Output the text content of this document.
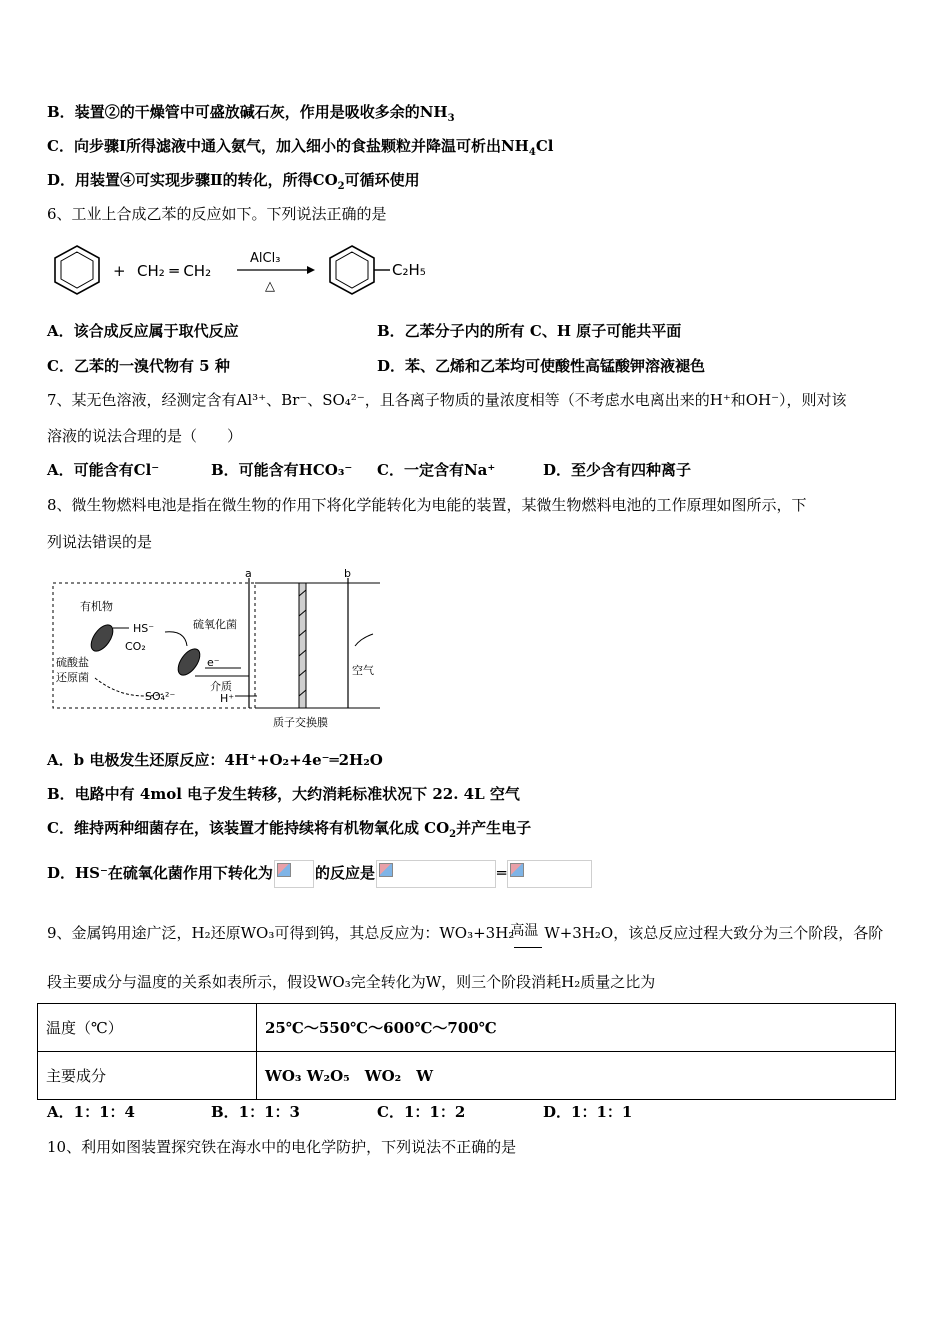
B．装置②的干燥管中可盛放碱石灰，作用是吸收多余的$NH_3$
C．向步骤Ⅰ所得滤液中通入氨气，加入细小的食盐颗粒并降温可析出$NH_4Cl$
D．用装置④可实现步骤Ⅱ的转化，所得$CO_2$可循环使用
6、工业上合成乙苯的反应如下。下列说法正确的是
+ CH₂ ═ CH₂
AlCl₃
△
C₂H₅
A．该合成反应属于取代反应	B．乙苯分子内的所有 C、H 原子可能共平面
C．乙苯的一溴代物有 5 种	D．苯、乙烯和乙苯均可使酸性高锰酸钾溶液褪色
7、某无色溶液，经测定含有Al³⁺、Br⁻、SO₄²⁻，且各离子物质的量浓度相等（不考虑水电离出来的H⁺和OH⁻），则对该
溶液的说法合理的是（　　）
A．可能含有Cl⁻	B．可能含有HCO₃⁻ C．一定含有Na⁺	D．至少含有四种离子
8、微生物燃料电池是指在微生物的作用下将化学能转化为电能的装置，某微生物燃料电池的工作原理如图所示，下
列说法错误的是
a	b
有机物
HS⁻
CO₂
硫氧化菌
硫酸盐
还原菌
e⁻
介质
SO₄²⁻	H⁺
空气
质子交换膜
A．b 电极发生还原反应：4H⁺+O₂+4e⁻═2H₂O
B．电路中有 4mol 电子发生转移，大约消耗标准状况下 22. 4L 空气
C．维持两种细菌存在，该装置才能持续将有机物氧化成 $CO_2$并产生电子
D．HS⁻在硫氧化菌作用下转化为	的反应是	═
9、金属钨用途广泛，H₂还原WO₃可得到钨，其总反应为：WO₃+3H₂
高温 W+3H₂O，该总反应过程大致分为三个阶段，各阶
段主要成分与温度的关系如表所示，假设WO₃完全转化为W，则三个阶段消耗H₂质量之比为
温度（℃）	25℃～550℃～600℃～700℃
主要成分	WO₃ W₂O₅　WO₂　W
A．1：1：4	B．1：1：3	C．1：1：2	D．1：1：1
10、利用如图装置探究铁在海水中的电化学防护，下列说法不正确的是
